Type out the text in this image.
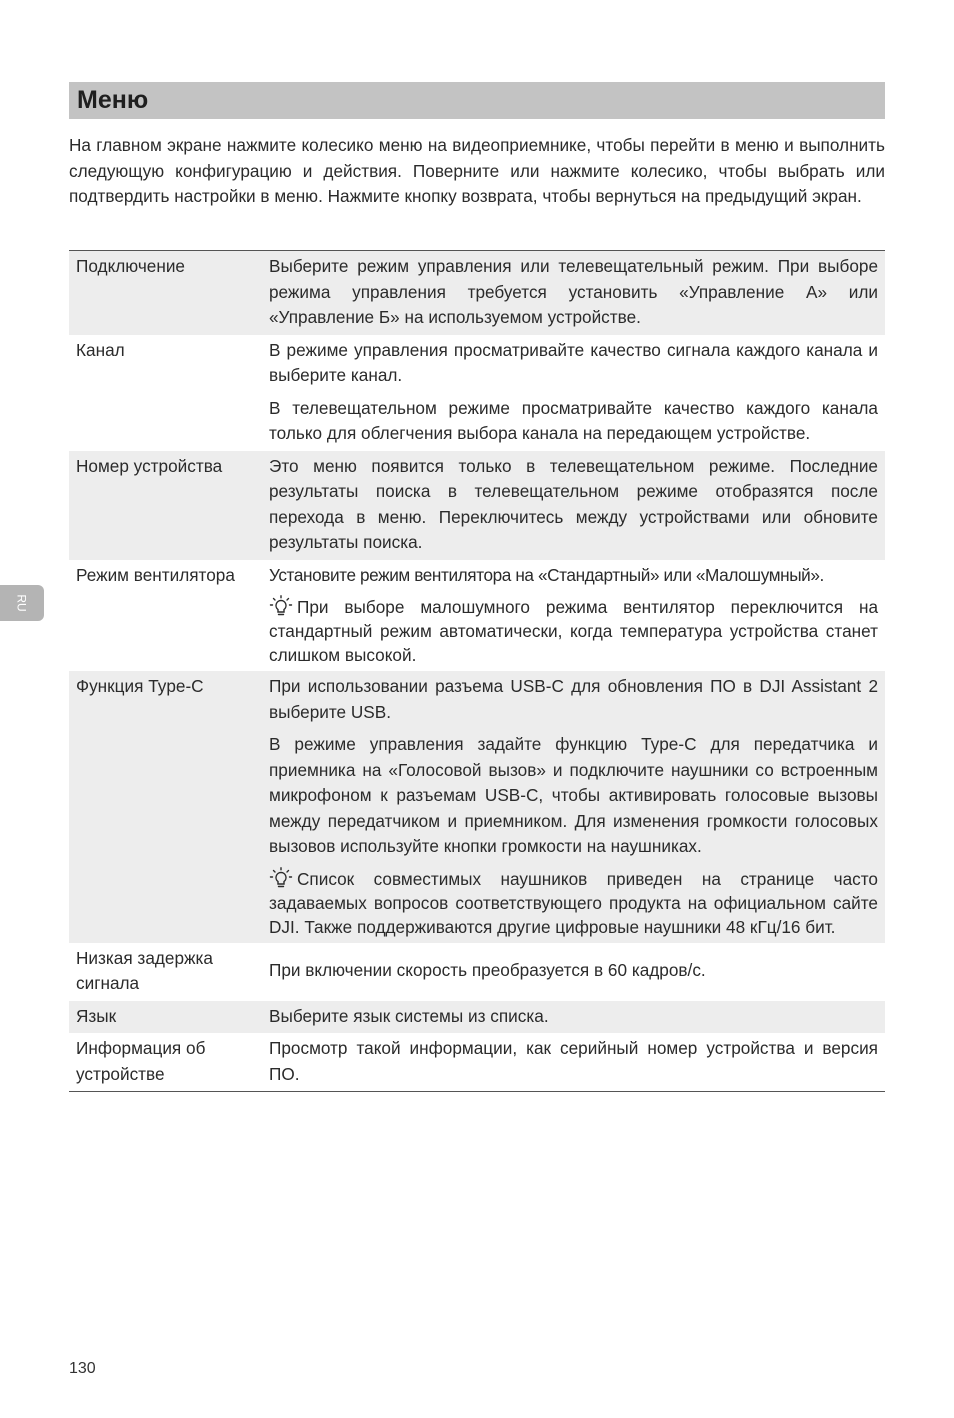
Меню

На главном экране нажмите колесико меню на видеоприемнике, чтобы перейти в меню и выполнить следующую конфигурацию и действия. Поверните или нажмите колесико, чтобы выбрать или подтвердить настройки в меню. Нажмите кнопку возврата, чтобы вернуться на предыдущий экран.

Подключение	Выберите режим управления или телевещательный режим. При выборе режима управления требуется установить «Управление A» или «Управление Б» на используемом устройстве.

Канал	В режиме управления просматривайте качество сигнала каждого канала и выберите канал.

В телевещательном режиме просматривайте качество каждого канала только для облегчения выбора канала на передающем устройстве.

Номер устройства	Это меню появится только в телевещательном режиме. Последние результаты поиска в телевещательном режиме отобразятся после перехода в меню. Переключитесь между устройствами или обновите результаты поиска.

Режим вентилятора	Установите режим вентилятора на «Стандартный» или «Малошумный».

При выборе малошумного режима вентилятор переключится на стандартный режим автоматически, когда температура устройства станет слишком высокой.

Функция Type-C	При использовании разъема USB-C для обновления ПО в DJI Assistant 2 выберите USB.

В режиме управления задайте функцию Type-C для передатчика и приемника на «Голосовой вызов» и подключите наушники со встроенным микрофоном к разъемам USB-C, чтобы активировать голосовые вызовы между передатчиком и приемником. Для изменения громкости голосовых вызовов используйте кнопки громкости на наушниках.

Список совместимых наушников приведен на странице часто задаваемых вопросов соответствующего продукта на официальном сайте DJI. Также поддерживаются другие цифровые наушники 48 кГц/16 бит.

Низкая задержка сигнала	При включении скорость преобразуется в 60 кадров/с.

Язык	Выберите язык системы из списка.

Информация об устройстве	Просмотр такой информации, как серийный номер устройства и версия ПО.

RU
130
